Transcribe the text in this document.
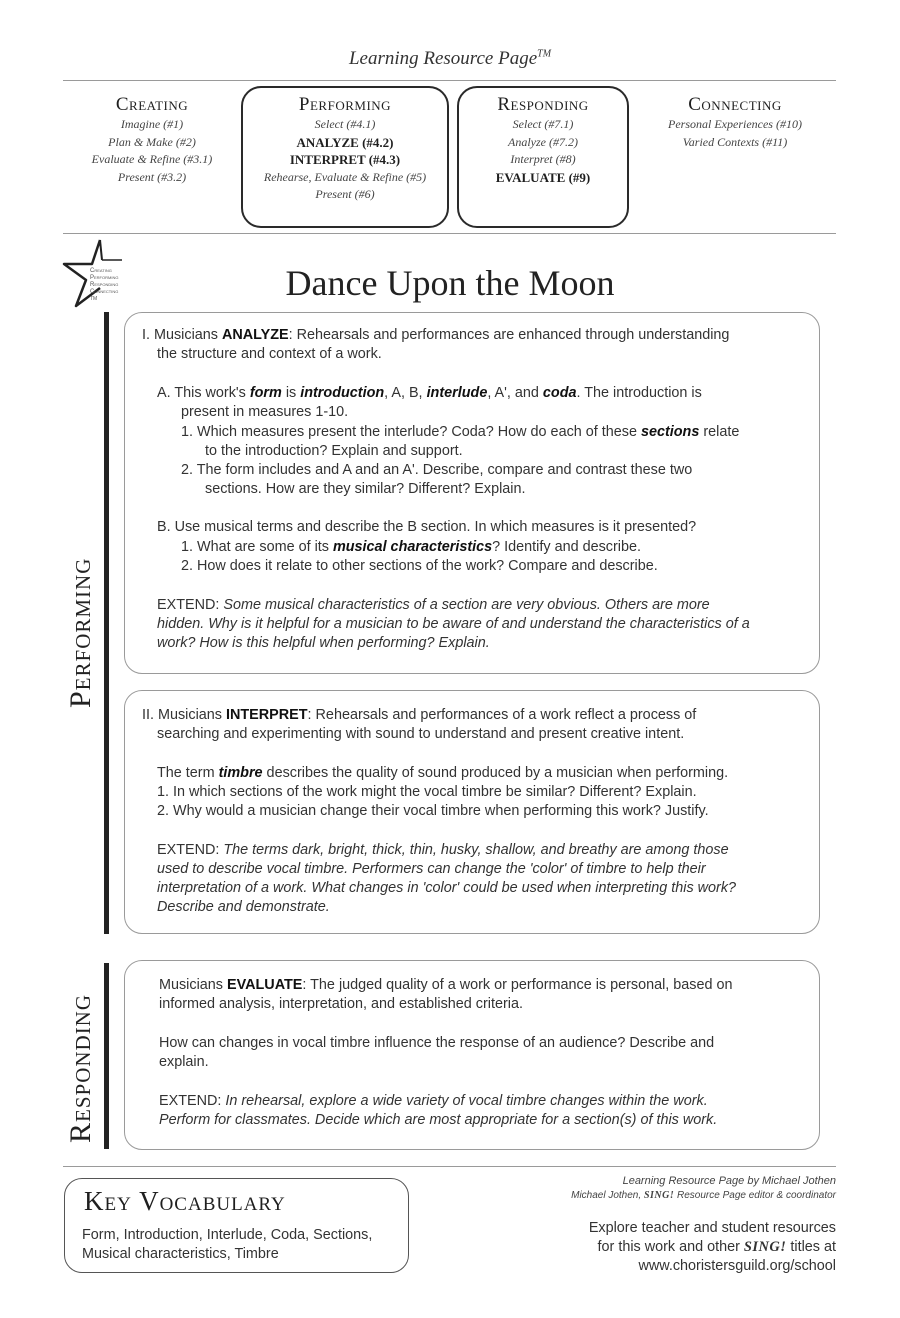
Learning Resource Page™
Creating
Imagine (#1)
Plan & Make (#2)
Evaluate & Refine (#3.1)
Present (#3.2)
Performing
Select (#4.1)
ANALYZE (#4.2)
INTERPRET (#4.3)
Rehearse, Evaluate & Refine (#5)
Present (#6)
Responding
Select (#7.1)
Analyze (#7.2)
Interpret (#8)
EVALUATE (#9)
Connecting
Personal Experiences (#10)
Varied Contexts (#11)
Creating
Performing
Responding
Connecting
TM	Dance Upon the Moon
Performing
Responding
I. Musicians ANALYZE: Rehearsals and performances are enhanced through understanding
the structure and context of a work.
A. This work's form is introduction, A, B, interlude, A', and coda. The introduction is
present in measures 1-10.
1. Which measures present the interlude? Coda? How do each of these sections relate
to the introduction? Explain and support.
2. The form includes and A and an A'. Describe, compare and contrast these two
sections. How are they similar? Different? Explain.
B. Use musical terms and describe the B section. In which measures is it presented?
1. What are some of its musical characteristics? Identify and describe.
2. How does it relate to other sections of the work? Compare and describe.
EXTEND: Some musical characteristics of a section are very obvious. Others are more
hidden. Why is it helpful for a musician to be aware of and understand the characteristics of a
work? How is this helpful when performing? Explain.
II. Musicians INTERPRET: Rehearsals and performances of a work reflect a process of
searching and experimenting with sound to understand and present creative intent.
The term timbre describes the quality of sound produced by a musician when performing.
1. In which sections of the work might the vocal timbre be similar? Different? Explain.
2. Why would a musician change their vocal timbre when performing this work? Justify.
EXTEND: The terms dark, bright, thick, thin, husky, shallow, and breathy are among those
used to describe vocal timbre. Performers can change the 'color' of timbre to help their
interpretation of a work. What changes in 'color' could be used when interpreting this work?
Describe and demonstrate.
Musicians EVALUATE: The judged quality of a work or performance is personal, based on
informed analysis, interpretation, and established criteria.
How can changes in vocal timbre influence the response of an audience? Describe and
explain.
EXTEND: In rehearsal, explore a wide variety of vocal timbre changes within the work.
Perform for classmates. Decide which are most appropriate for a section(s) of this work.
Key Vocabulary
Form, Introduction, Interlude, Coda, Sections,
Musical characteristics, Timbre
Learning Resource Page by Michael Jothen
Michael Jothen, SING! Resource Page editor & coordinator
Explore teacher and student resources
for this work and other SING! titles at
www.choristersguild.org/school
